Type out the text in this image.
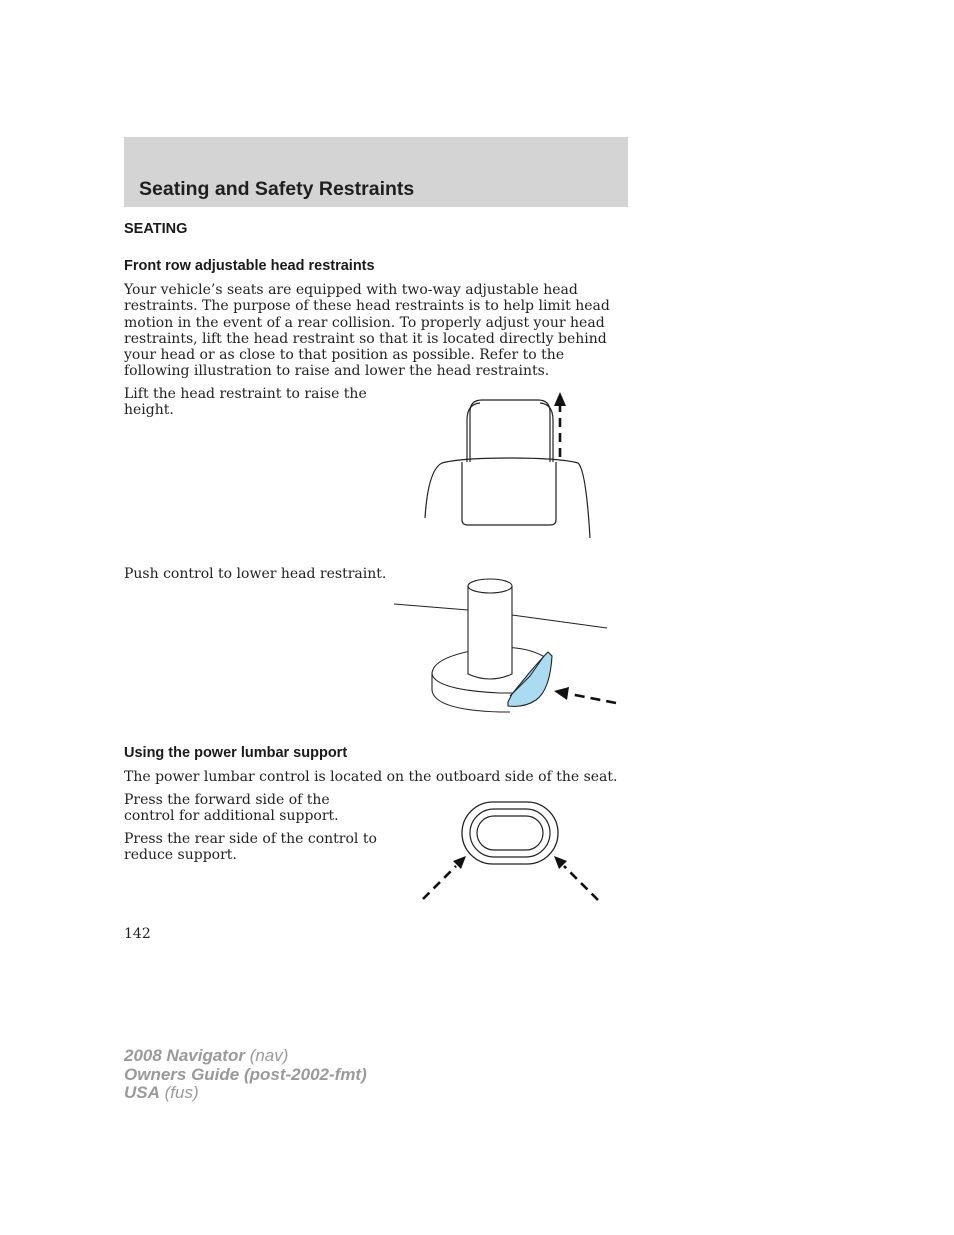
Seating and Safety Restraints
SEATING
Front row adjustable head restraints
Your vehicle’s seats are equipped with two-way adjustable head restraints. The purpose of these head restraints is to help limit head motion in the event of a rear collision. To properly adjust your head restraints, lift the head restraint so that it is located directly behind your head or as close to that position as possible. Refer to the following illustration to raise and lower the head restraints.
Lift the head restraint to raise the height.
Push control to lower head restraint.
Using the power lumbar support
The power lumbar control is located on the outboard side of the seat.
Press the forward side of the control for additional support.
Press the rear side of the control to reduce support.
142
2008 Navigator (nav)
Owners Guide (post-2002-fmt)
USA (fus)
